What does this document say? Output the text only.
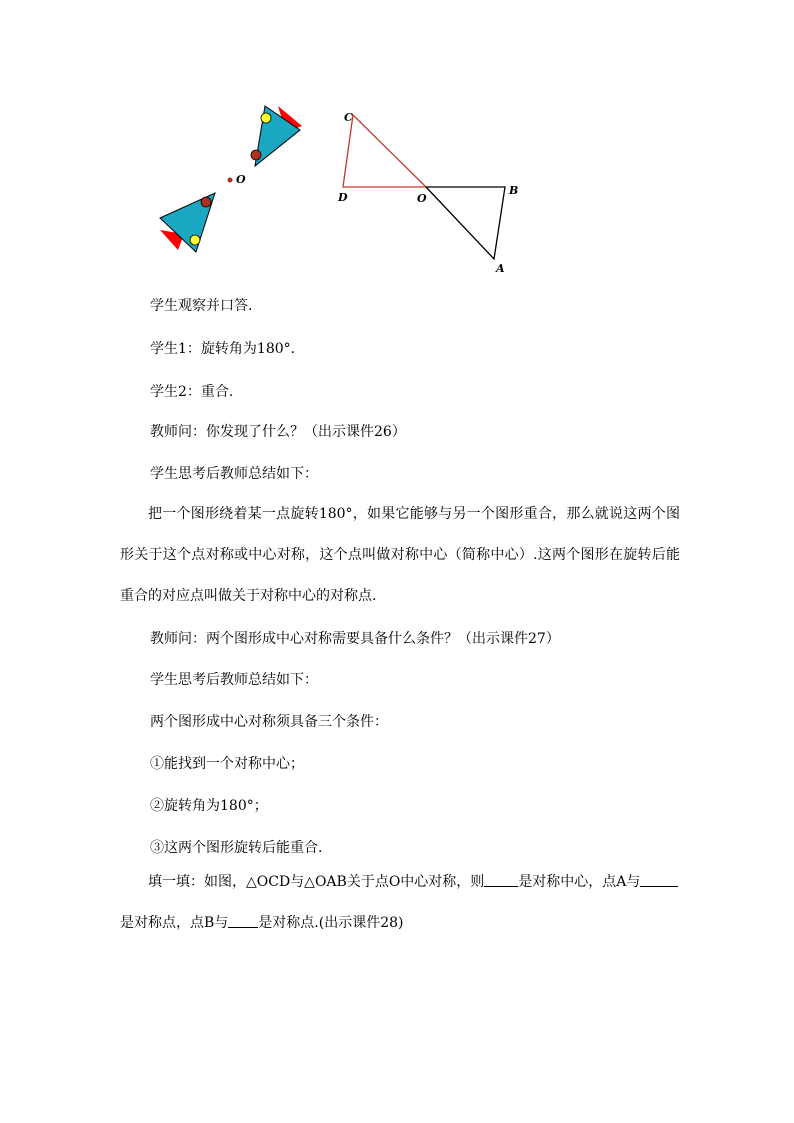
O
C
D	O
B
A
学生观察并口答.
学生1：旋转角为180°．
学生2：重合.
教师问：你发现了什么？（出示课件26）
学生思考后教师总结如下：
把一个图形绕着某一点旋转180°，如果它能够与另一个图形重合，那么就说这两个图形关于这个点对称或中心对称，这个点叫做对称中心（简称中心）.这两个图形在旋转后能重合的对应点叫做关于对称中心的对称点.
教师问：两个图形成中心对称需要具备什么条件？（出示课件27）
学生思考后教师总结如下：
两个图形成中心对称须具备三个条件：
①能找到一个对称中心；
②旋转角为180°；
③这两个图形旋转后能重合.
填一填：如图，△OCD与△OAB关于点O中心对称，则 是对称中心，点A与是对称点，点B与 是对称点.(出示课件28)
